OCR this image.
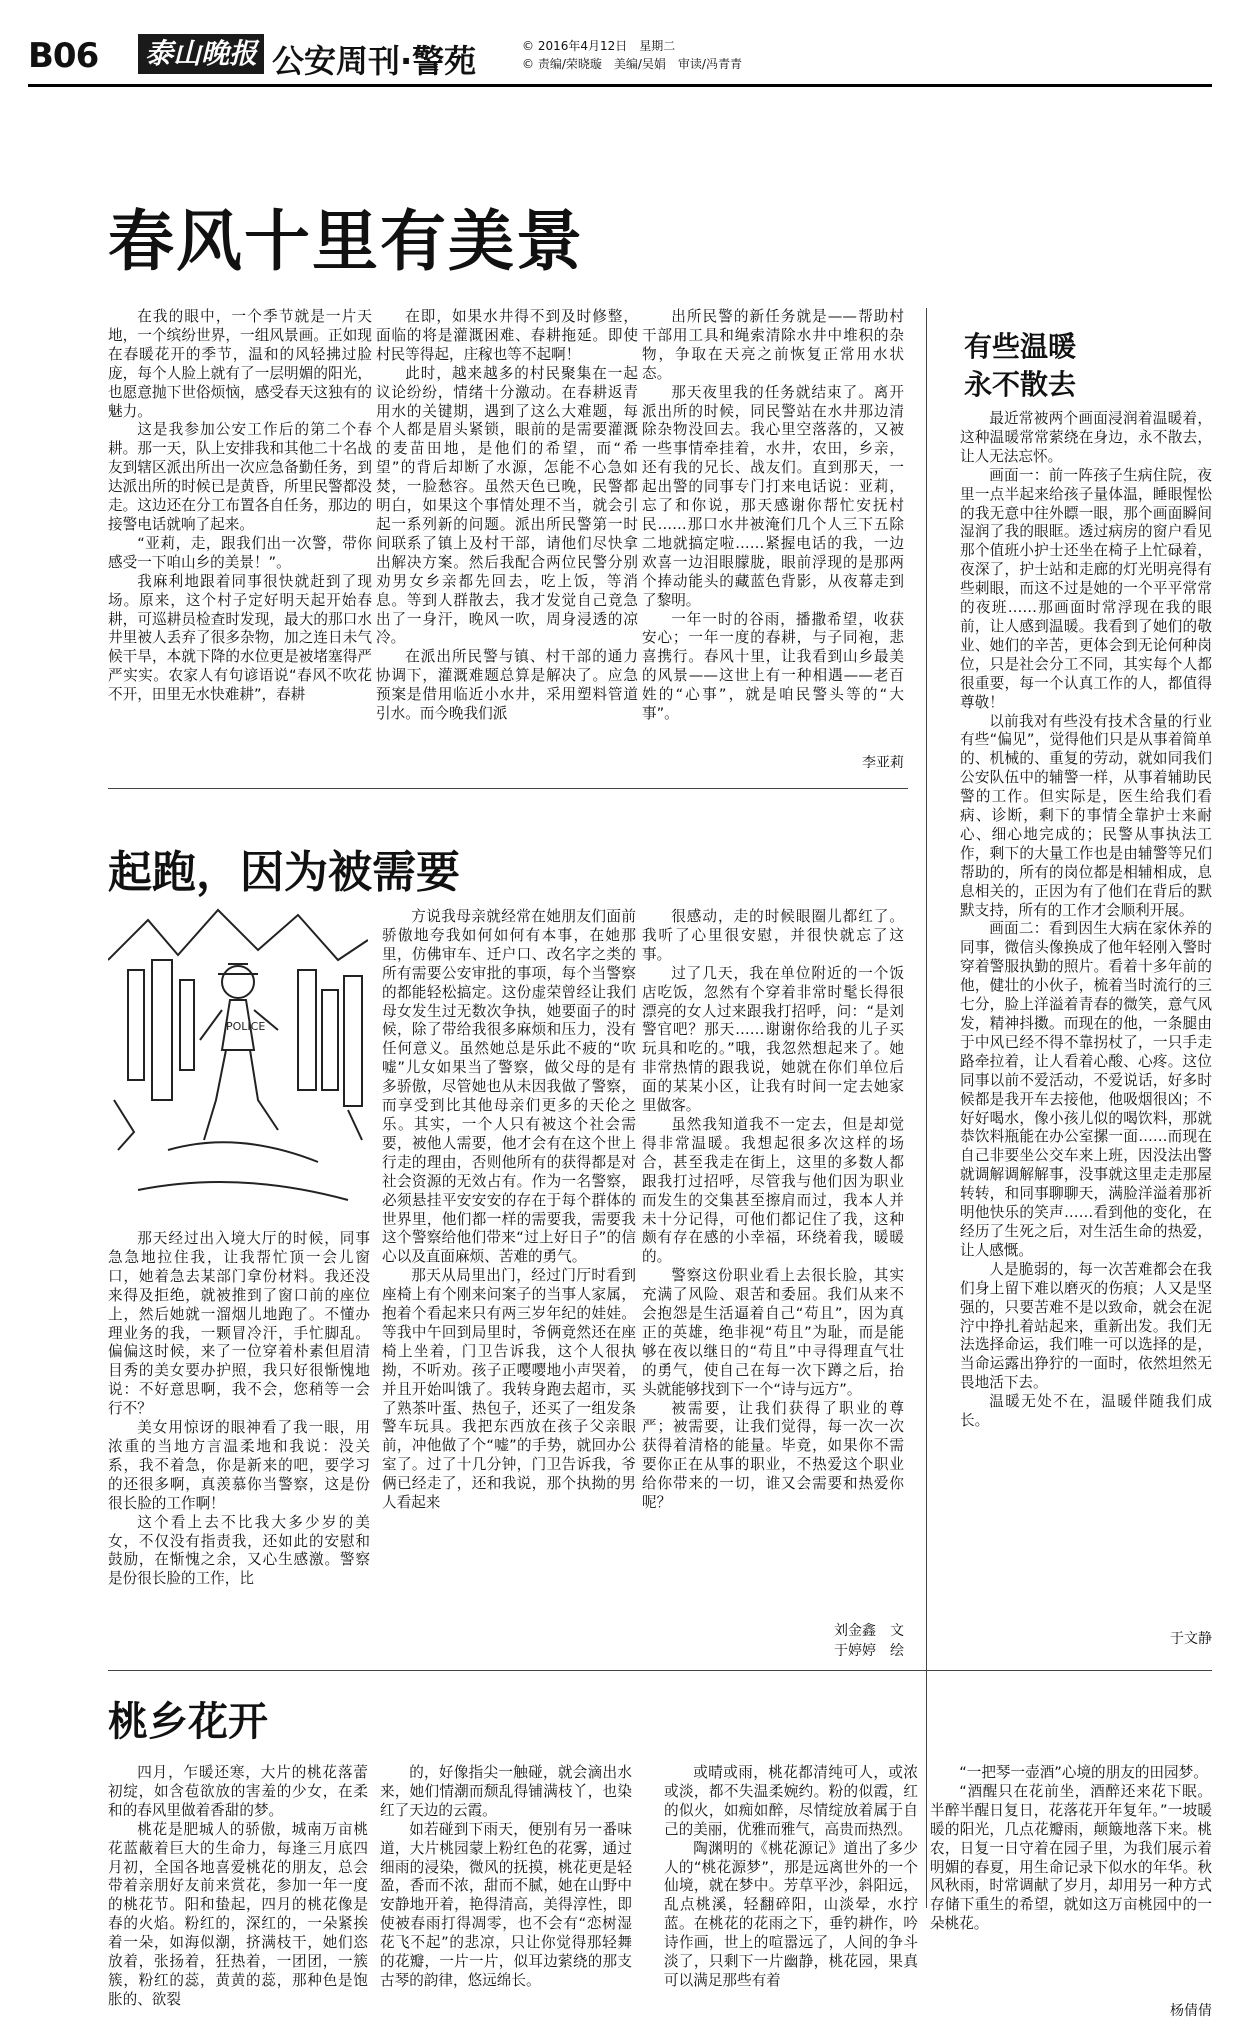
B06 泰山晚报 公安周刊·警苑	© 2016年4月12日　星期二
© 责编/荣晓璇　美编/吴娟　审读/冯青青
春风十里有美景

在我的眼中，一个季节就是一片天地，一个缤纷世界，一组风景画。正如现在春暖花开的季节，温和的风轻拂过脸庞，每个人脸上就有了一层明媚的阳光，也愿意抛下世俗烦恼，感受春天这独有的魅力。

这是我参加公安工作后的第二个春耕。那一天，队上安排我和其他二十名战友到辖区派出所出一次应急备勤任务，到达派出所的时候已是黄昏，所里民警都没走。这边还在分工布置各自任务，那边的接警电话就响了起来。

“亚莉，走，跟我们出一次警，带你感受一下咱山乡的美景！”。

我麻利地跟着同事很快就赶到了现场。原来，这个村子定好明天起开始春耕，可巡耕员检查时发现，最大的那口水井里被人丢弃了很多杂物，加之连日未气候干旱，本就下降的水位更是被堵塞得严严实实。农家人有句谚语说“春风不吹花不开，田里无水快难耕”，春耕

在即，如果水井得不到及时修整，面临的将是灌溉困难、春耕拖延。即使村民等得起，庄稼也等不起啊！

此时，越来越多的村民聚集在一起议论纷纷，情绪十分激动。在春耕返青用水的关键期，遇到了这么大难题，每个人都是眉头紧锁，眼前的是需要灌溉的麦苗田地，是他们的希望，而“希望”的背后却断了水源，怎能不心急如焚，一脸愁容。虽然天色已晚，民警都明白，如果这个事情处理不当，就会引起一系列新的问题。派出所民警第一时间联系了镇上及村干部，请他们尽快拿出解决方案。然后我配合两位民警分别劝男女乡亲都先回去，吃上饭，等消息。等到人群散去，我才发觉自己竟急出了一身汗，晚风一吹，周身浸透的凉冷。

在派出所民警与镇、村干部的通力协调下，灌溉难题总算是解决了。应急预案是借用临近小水井，采用塑料管道引水。而今晚我们派

出所民警的新任务就是——帮助村干部用工具和绳索清除水井中堆积的杂物，争取在天亮之前恢复正常用水状态。

那天夜里我的任务就结束了。离开派出所的时候，同民警站在水井那边清除杂物没回去。我心里空落落的，又被一些事情牵挂着，水井，农田，乡亲，还有我的兄长、战友们。直到那天，一起出警的同事专门打来电话说：亚莉，忘了和你说，那天感谢你帮忙安抚村民……那口水井被淹们几个人三下五除二地就搞定啦……紧握电话的我，一边欢喜一边泪眼朦胧，眼前浮现的是那两个捧动能头的藏蓝色背影，从夜幕走到了黎明。

一年一时的谷雨，播撒希望，收获安心；一年一度的春耕，与子同袍，悲喜携行。春风十里，让我看到山乡最美的风景——这世上有一种相遇——老百姓的“心事”，就是咱民警头等的“大事”。

李亚莉
有些温暖
永不散去

最近常被两个画面浸润着温暖着，这种温暖常常萦绕在身边，永不散去，让人无法忘怀。

画面一：前一阵孩子生病住院，夜里一点半起来给孩子量体温，睡眼惺忪的我无意中往外瞟一眼，那个画面瞬间湿润了我的眼眶。透过病房的窗户看见那个值班小护士还坐在椅子上忙碌着，夜深了，护士站和走廊的灯光明亮得有些刺眼，而这不过是她的一个平平常常的夜班……那画面时常浮现在我的眼前，让人感到温暖。我看到了她们的敬业、她们的辛苦，更体会到无论何种岗位，只是社会分工不同，其实每个人都很重要，每一个认真工作的人，都值得尊敬！

以前我对有些没有技术含量的行业有些“偏见”，觉得他们只是从事着简单的、机械的、重复的劳动，就如同我们公安队伍中的辅警一样，从事着辅助民警的工作。但实际是，医生给我们看病、诊断，剩下的事情全靠护士来耐心、细心地完成的；民警从事执法工作，剩下的大量工作也是由辅警等兄们帮助的，所有的岗位都是相辅相成，息息相关的，正因为有了他们在背后的默默支持，所有的工作才会顺利开展。

画面二：看到因生大病在家休养的同事，微信头像换成了他年轻刚入警时穿着警服执勤的照片。看着十多年前的他，健壮的小伙子，梳着当时流行的三七分，脸上洋溢着青春的微笑，意气风发，精神抖擞。而现在的他，一条腿由于中风已经不得不靠拐杖了，一只手走路牵拉着，让人看着心酸、心疼。这位同事以前不爱活动，不爱说话，好多时候都是我开车去接他，他吸烟很凶；不好好喝水，像小孩儿似的喝饮料，那就恭饮料瓶能在办公室摞一面……而现在自己非要坐公交车来上班，因没法出警就调解调解解事，没事就这里走走那屋转转，和同事聊聊天，满脸洋溢着那祈明他快乐的笑声……看到他的变化，在经历了生死之后，对生活生命的热爱，让人感慨。

人是脆弱的，每一次苦难都会在我们身上留下难以磨灭的伤痕；人又是坚强的，只要苦难不是以致命，就会在泥泞中挣扎着站起来，重新出发。我们无法选择命运，我们唯一可以选择的是，当命运露出狰狞的一面时，依然坦然无畏地活下去。

温暖无处不在，温暖伴随我们成长。

于文静
起跑，因为被需要
POLICE

那天经过出入境大厅的时候，同事急急地拉住我，让我帮忙顶一会儿窗口，她着急去某部门拿份材料。我还没来得及拒绝，就被推到了窗口前的座位上，然后她就一溜烟儿地跑了。不懂办理业务的我，一颗冒冷汗，手忙脚乱。偏偏这时候，来了一位穿着朴素但眉清目秀的美女要办护照，我只好很惭愧地说：不好意思啊，我不会，您稍等一会行不？

美女用惊讶的眼神看了我一眼，用浓重的当地方言温柔地和我说：没关系，我不着急，你是新来的吧，要学习的还很多啊，真羡慕你当警察，这是份很长脸的工作啊！

这个看上去不比我大多少岁的美女，不仅没有指责我，还如此的安慰和鼓励，在惭愧之余，又心生感激。警察是份很长脸的工作，比

方说我母亲就经常在她朋友们面前骄傲地夸我如何如何有本事，在她那里，仿佛审车、迁户口、改名字之类的所有需要公安审批的事项，每个当警察的都能轻松搞定。这份虚荣曾经让我们母女发生过无数次争执，她要面子的时候，除了带给我很多麻烦和压力，没有任何意义。虽然她总是乐此不疲的“吹嘘”儿女如果当了警察，做父母的是有多骄傲，尽管她也从未因我做了警察，而享受到比其他母亲们更多的天伦之乐。其实，一个人只有被这个社会需要，被他人需要，他才会有在这个世上行走的理由，否则他所有的获得都是对社会资源的无效占有。作为一名警察，必须悬挂平安安安的存在于每个群体的世界里，他们都一样的需要我，需要我这个警察给他们带来“过上好日子”的信心以及直面麻烦、苦难的勇气。

那天从局里出门，经过门厅时看到座椅上有个刚来问案子的当事人家属，抱着个看起来只有两三岁年纪的娃娃。等我中午回到局里时，爷俩竟然还在座椅上坐着，门卫告诉我，这个人很执拗，不听劝。孩子正嘤嘤地小声哭着，并且开始叫饿了。我转身跑去超市，买了熟茶叶蛋、热包子，还买了一组发条警车玩具。我把东西放在孩子父亲眼前，冲他做了个“嘘”的手势，就回办公室了。过了十几分钟，门卫告诉我，爷俩已经走了，还和我说，那个执拗的男人看起来

很感动，走的时候眼圈儿都红了。我听了心里很安慰，并很快就忘了这事。

过了几天，我在单位附近的一个饭店吃饭，忽然有个穿着非常时髦长得很漂亮的女人过来跟我打招呼，问：“是刘警官吧？那天……谢谢你给我的儿子买玩具和吃的。”哦，我忽然想起来了。她非常热情的跟我说，她就在你们单位后面的某某小区，让我有时间一定去她家里做客。

虽然我知道我不一定去，但是却觉得非常温暖。我想起很多次这样的场合，甚至我走在街上，这里的多数人都跟我打过招呼，尽管我与他们因为职业而发生的交集甚至擦肩而过，我本人并未十分记得，可他们都记住了我，这种颇有存在感的小幸福，环绕着我，暖暖的。

警察这份职业看上去很长脸，其实充满了风险、艰苦和委屈。我们从来不会抱怨是生活逼着自己“苟且”，因为真正的英雄，绝非视“苟且”为耻，而是能够在夜以继日的“苟且”中寻得理直气壮的勇气，使自己在每一次下蹲之后，抬头就能够找到下一个“诗与远方”。

被需要，让我们获得了职业的尊严；被需要，让我们觉得，每一次一次获得着清格的能量。毕竟，如果你不需要你正在从事的职业，不热爱这个职业给你带来的一切，谁又会需要和热爱你呢？

刘金鑫　文
于婷婷　绘
桃乡花开

四月，乍暖还寒，大片的桃花落蕾初绽，如含苞欲放的害羞的少女，在柔和的春风里做着香甜的梦。

桃花是肥城人的骄傲，城南万亩桃花蓝蔽着巨大的生命力，每逢三月底四月初，全国各地喜爱桃花的朋友，总会带着亲朋好友前来赏花，参加一年一度的桃花节。阳和蛰起，四月的桃花像是春的火焰。粉红的，深红的，一朵紧挨着一朵，如海似潮，挤满枝干，她们恣放着，张扬着，狂热着，一团团，一簇簇，粉红的蕊，黄黄的蕊，那种色是饱胀的、欲裂

的，好像指尖一触碰，就会滴出水来，她们情潮而颓乱得铺满枝丫，也染红了天边的云霞。

如若碰到下雨天，便别有另一番味道，大片桃园蒙上粉红色的花雾，通过细雨的浸染，微风的抚摸，桃花更是轻盈，香而不浓，甜而不腻，她在山野中安静地开着，艳得清高，美得淳性，即使被春雨打得凋零，也不会有“恋树湿花飞不起”的悲凉，只让你觉得那轻舞的花瓣，一片一片，似耳边萦绕的那支古琴的韵律，悠远绵长。

或晴或雨，桃花都清纯可人，或浓或淡，都不失温柔婉约。粉的似霞，红的似火，如痴如醉，尽情绽放着属于自己的美丽，优雅而雅气，高贵而热烈。

陶渊明的《桃花源记》道出了多少人的“桃花源梦”，那是远离世外的一个仙境，就在梦中。芳草平沙，斜阳远，乱点桃溪，轻翻碎阳，山淡晕，水拧蓝。在桃花的花雨之下，垂钓耕作，吟诗作画，世上的喧嚣远了，人间的争斗淡了，只剩下一片幽静，桃花园，果真可以满足那些有着

“一把琴一壶酒”心境的朋友的田园梦。

“酒醒只在花前坐，酒醉还来花下眠。半醉半醒日复日，花落花开年复年。”一坡暖暖的阳光，几点花瓣雨，颠簸地落下来。桃农，日复一日守着在园子里，为我们展示着明媚的春夏，用生命记录下似水的年华。秋风秋雨，时常调献了岁月，却用另一种方式存储下重生的希望，就如这万亩桃园中的一朵桃花。

杨倩倩
